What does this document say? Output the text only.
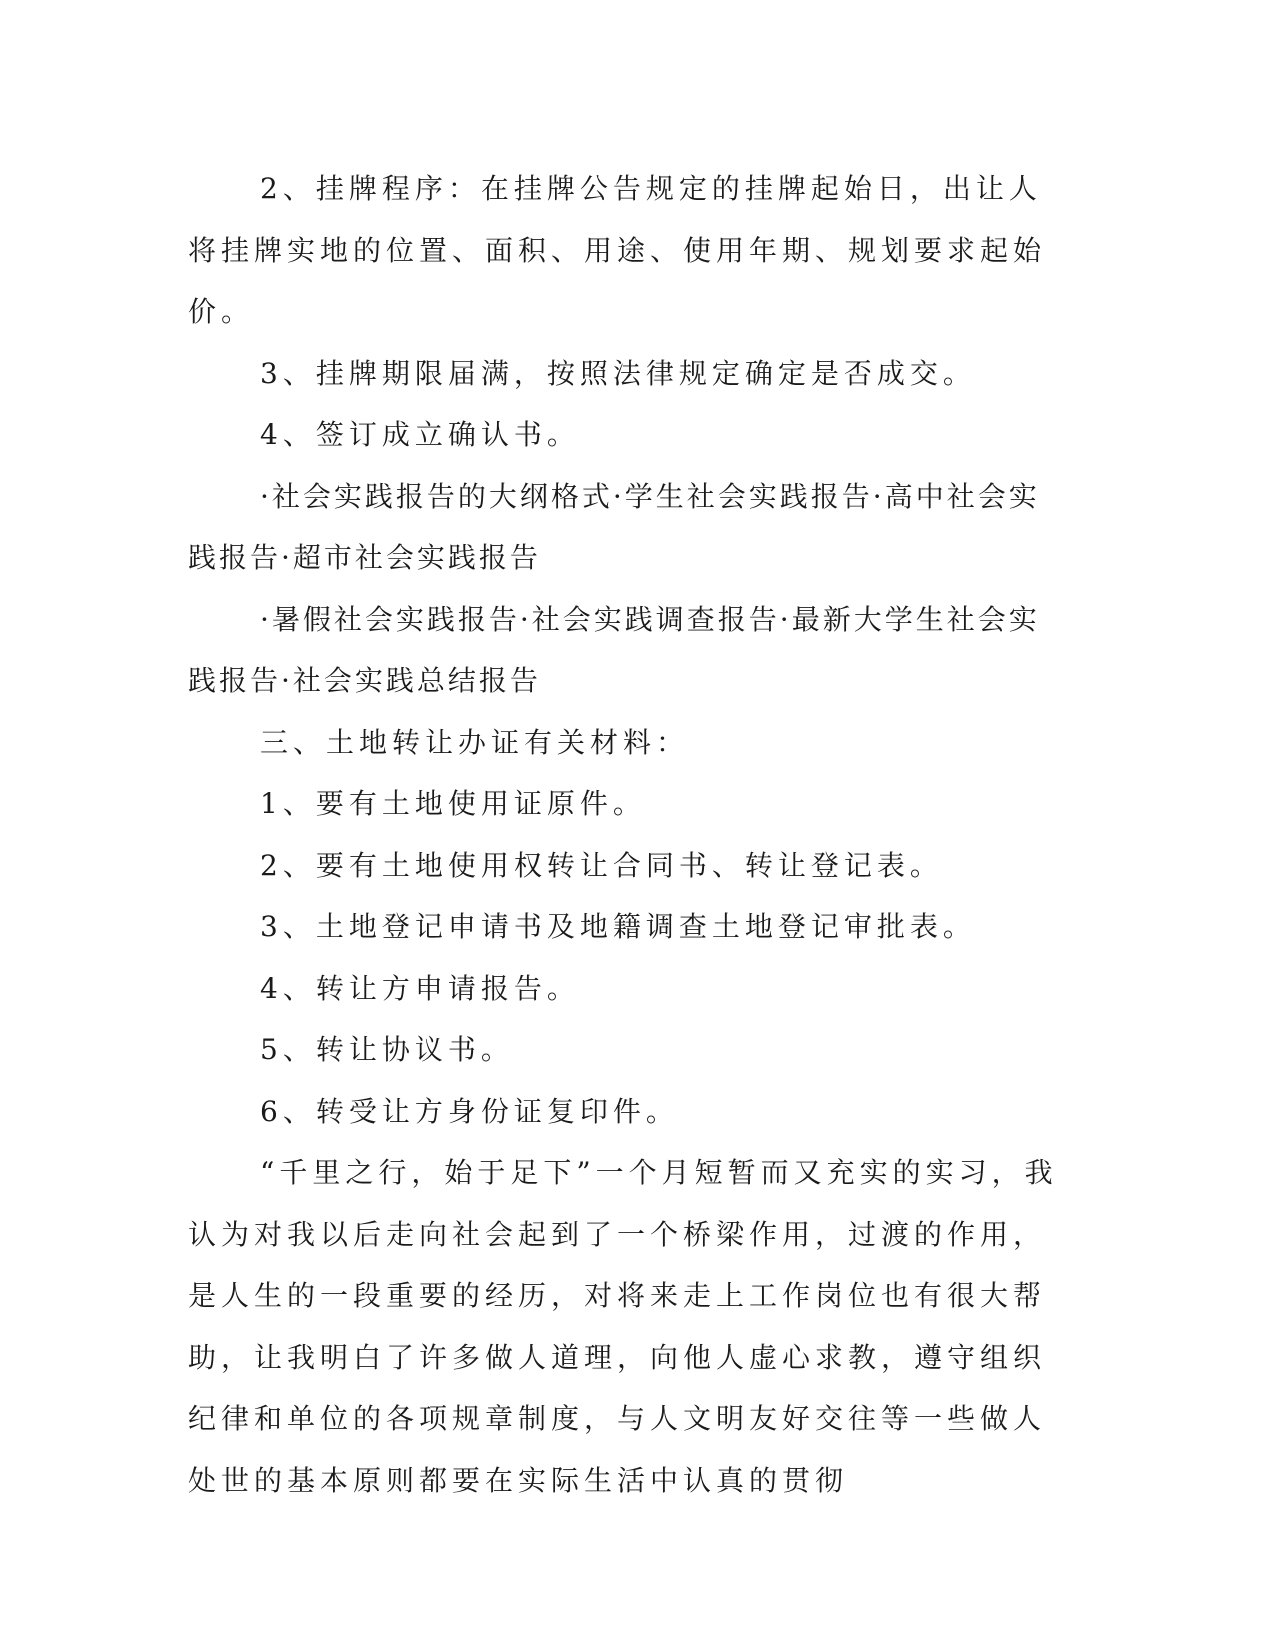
2、挂牌程序：在挂牌公告规定的挂牌起始日，出让人将挂牌实地的位置、面积、用途、使用年期、规划要求起始价。

3、挂牌期限届满，按照法律规定确定是否成交。

4、签订成立确认书。

·社会实践报告的大纲格式·学生社会实践报告·高中社会实践报告·超市社会实践报告

·暑假社会实践报告·社会实践调查报告·最新大学生社会实践报告·社会实践总结报告

三、土地转让办证有关材料：

1、要有土地使用证原件。

2、要有土地使用权转让合同书、转让登记表。

3、土地登记申请书及地籍调查土地登记审批表。

4、转让方申请报告。

5、转让协议书。

6、转受让方身份证复印件。

“千里之行，始于足下”一个月短暂而又充实的实习，我认为对我以后走向社会起到了一个桥梁作用，过渡的作用，是人生的一段重要的经历，对将来走上工作岗位也有很大帮助，让我明白了许多做人道理，向他人虚心求教，遵守组织纪律和单位的各项规章制度，与人文明友好交往等一些做人处世的基本原则都要在实际生活中认真的贯彻
